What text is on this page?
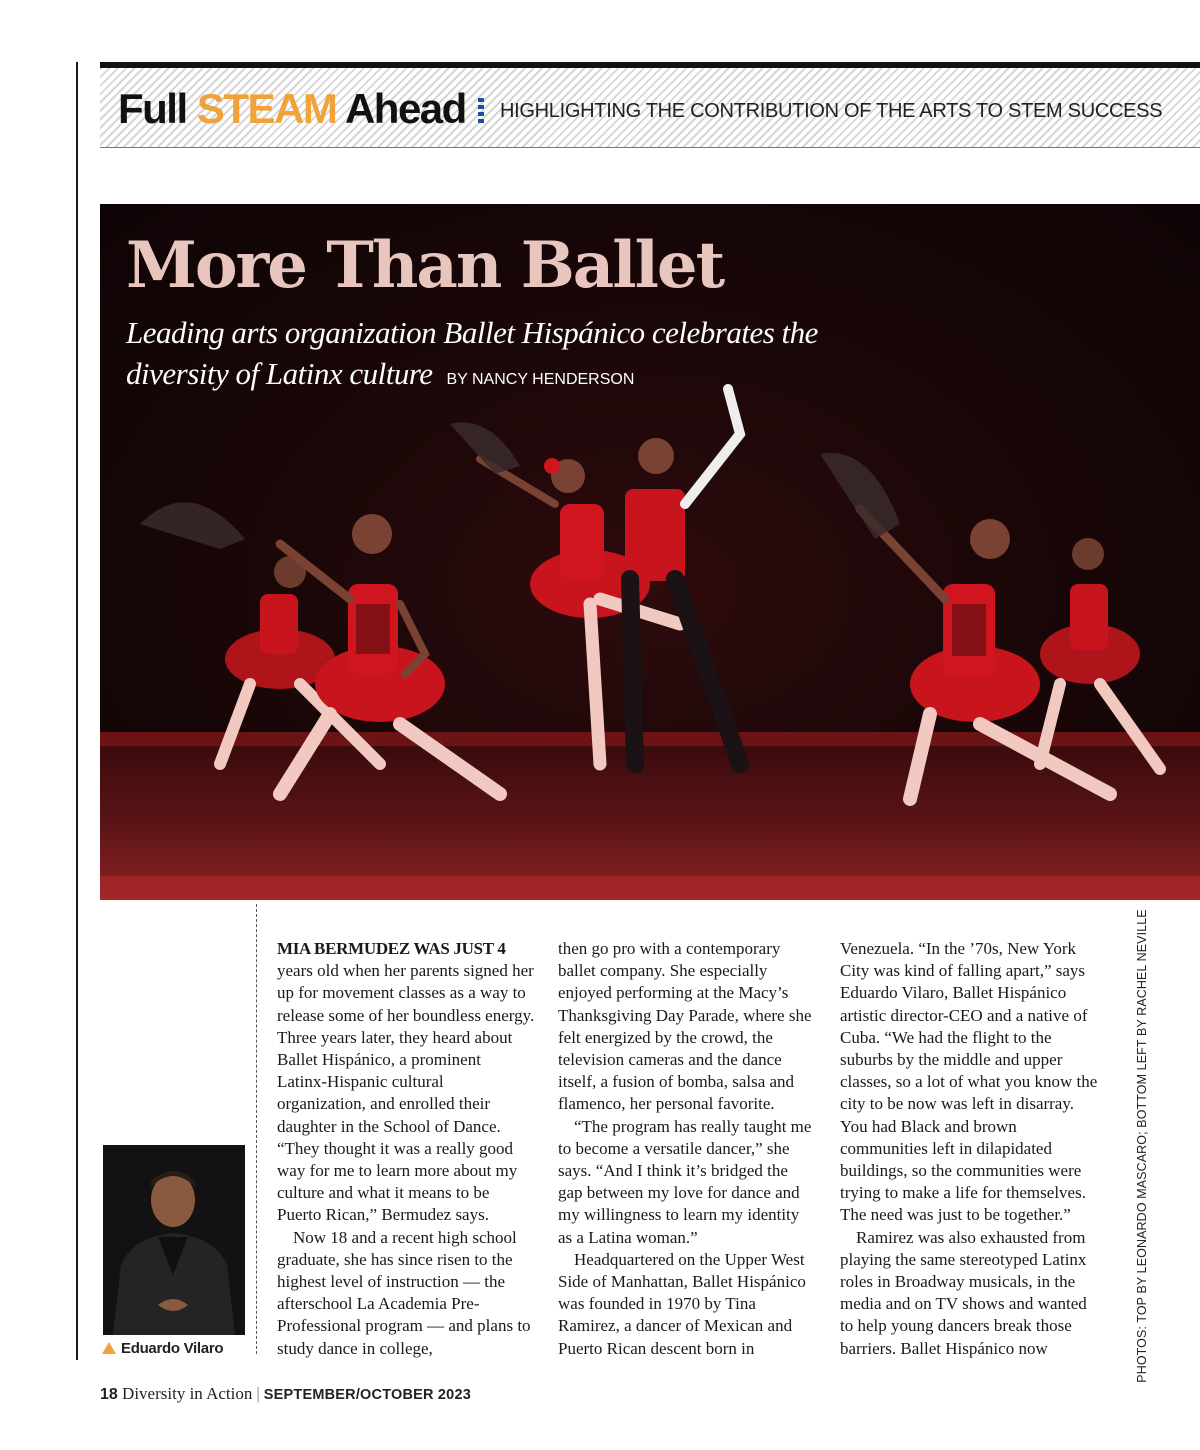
Full STEAM Ahead HIGHLIGHTING THE CONTRIBUTION OF THE ARTS TO STEM SUCCESS
More Than Ballet
Leading arts organization Ballet Hispánico celebrates the diversity of Latinx culture BY NANCY HENDERSON
Eduardo Vilaro

MIA BERMUDEZ WAS JUST 4 years old when her parents signed her up for movement classes as a way to release some of her boundless energy. Three years later, they heard about Ballet Hispánico, a prominent Latinx-Hispanic cultural organization, and enrolled their daughter in the School of Dance. “They thought it was a really good way for me to learn more about my culture and what it means to be Puerto Rican,” Bermudez says.

Now 18 and a recent high school graduate, she has since risen to the highest level of instruction — the afterschool La Academia Pre-Professional program — and plans to study dance in college,

then go pro with a contemporary ballet company. She especially enjoyed performing at the Macy’s Thanksgiving Day Parade, where she felt energized by the crowd, the television cameras and the dance itself, a fusion of bomba, salsa and flamenco, her personal favorite.

“The program has really taught me to become a versatile dancer,” she says. “And I think it’s bridged the gap between my love for dance and my willingness to learn my identity as a Latina woman.”

Headquartered on the Upper West Side of Manhattan, Ballet Hispánico was founded in 1970 by Tina Ramirez, a dancer of Mexican and Puerto Rican descent born in

Venezuela. “In the ’70s, New York City was kind of falling apart,” says Eduardo Vilaro, Ballet Hispánico artistic director-CEO and a native of Cuba. “We had the flight to the suburbs by the middle and upper classes, so a lot of what you know the city to be now was left in disarray. You had Black and brown communities left in dilapidated buildings, so the communities were trying to make a life for themselves. The need was just to be together.”

Ramirez was also exhausted from playing the same stereotyped Latinx roles in Broadway musicals, in the media and on TV shows and wanted to help young dancers break those barriers. Ballet Hispánico now	PHOTOS: TOP BY LEONARDO MASCARO; BOTTOM LEFT BY RACHEL NEVILLE
18 Diversity in Action | SEPTEMBER/OCTOBER 2023
